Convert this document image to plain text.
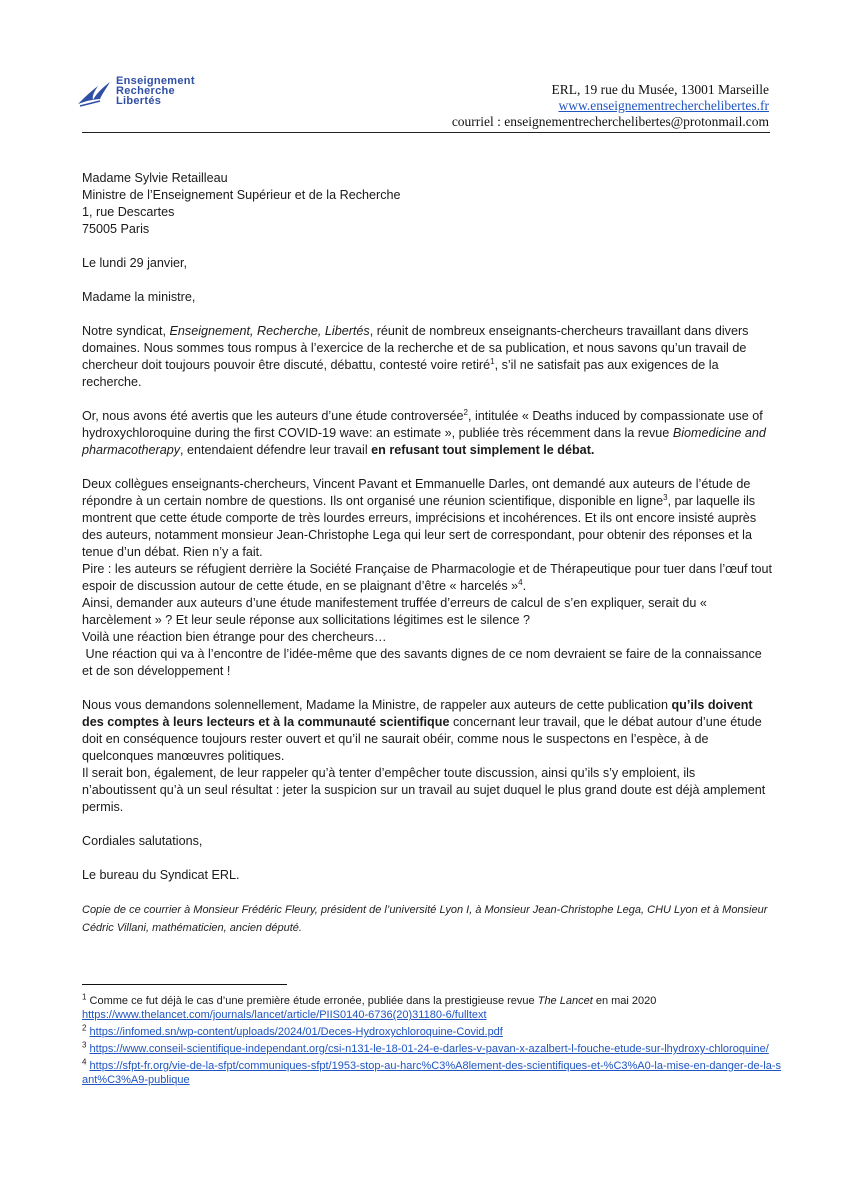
Enseignement
Recherche
Libertés
ERL, 19 rue du Musée, 13001 Marseille
www.enseignementrecherchelibertes.fr
courriel : enseignementrecherchelibertes@protonmail.com

Madame Sylvie Retailleau

Ministre de l’Enseignement Supérieur et de la Recherche

1, rue Descartes

75005 Paris

Le lundi 29 janvier,

Madame la ministre,

Notre syndicat, Enseignement, Recherche, Libertés, réunit de nombreux enseignants-chercheurs travaillant dans divers domaines. Nous sommes tous rompus à l’exercice de la recherche et de sa publication, et nous savons qu’un travail de chercheur doit toujours pouvoir être discuté, débattu, contesté voire retiré$^1$, s’il ne satisfait pas aux exigences de la recherche.

Or, nous avons été avertis que les auteurs d’une étude controversée$^2$, intitulée « Deaths induced by compassionate use of hydroxychloroquine during the first COVID-19 wave: an estimate », publiée très récemment dans la revue Biomedicine and pharmacotherapy, entendaient défendre leur travail en refusant tout simplement le débat.

Deux collègues enseignants-chercheurs, Vincent Pavant et Emmanuelle Darles, ont demandé aux auteurs de l’étude de répondre à un certain nombre de questions. Ils ont organisé une réunion scientifique, disponible en ligne$^3$, par laquelle ils montrent que cette étude comporte de très lourdes erreurs, imprécisions et incohérences. Et ils ont encore insisté auprès des auteurs, notamment monsieur Jean-Christophe Lega qui leur sert de correspondant, pour obtenir des réponses et la tenue d’un débat. Rien n’y a fait.

Pire : les auteurs se réfugient derrière la Société Française de Pharmacologie et de Thérapeutique pour tuer dans l’œuf tout espoir de discussion autour de cette étude, en se plaignant d’être « harcelés »$^4$.

Ainsi, demander aux auteurs d’une étude manifestement truffée d’erreurs de calcul de s’en expliquer, serait du « harcèlement » ? Et leur seule réponse aux sollicitations légitimes est le silence ?

Voilà une réaction bien étrange pour des chercheurs…

Une réaction qui va à l’encontre de l’idée-même que des savants dignes de ce nom devraient se faire de la connaissance et de son développement !

Nous vous demandons solennellement, Madame la Ministre, de rappeler aux auteurs de cette publication qu’ils doivent des comptes à leurs lecteurs et à la communauté scientifique concernant leur travail, que le débat autour d’une étude doit en conséquence toujours rester ouvert et qu’il ne saurait obéir, comme nous le suspectons en l’espèce, à de quelconques manœuvres politiques.

Il serait bon, également, de leur rappeler qu’à tenter d’empêcher toute discussion, ainsi qu’ils s’y emploient, ils n’aboutissent qu’à un seul résultat : jeter la suspicion sur un travail au sujet duquel le plus grand doute est déjà amplement permis.

Cordiales salutations,

Le bureau du Syndicat ERL.

Copie de ce courrier à Monsieur Frédéric Fleury, président de l’université Lyon I, à Monsieur Jean-Christophe Lega, CHU Lyon et à Monsieur Cédric Villani, mathématicien, ancien député.

$^1$ Comme ce fut déjà le cas d’une première étude erronée, publiée dans la prestigieuse revue The Lancet en mai 2020
https://www.thelancet.com/journals/lancet/article/PIIS0140-6736(20)31180-6/fulltext

$^2$ https://infomed.sn/wp-content/uploads/2024/01/Deces-Hydroxychloroquine-Covid.pdf

$^3$ https://www.conseil-scientifique-independant.org/csi-n131-le-18-01-24-e-darles-v-pavan-x-azalbert-l-fouche-etude-sur-lhydroxy-chloroquine/

$^4$ https://sfpt-fr.org/vie-de-la-sfpt/communiques-sfpt/1953-stop-au-harc%C3%A8lement-des-scientifiques-et-%C3%A0-la-mise-en-danger-de-la-sant%C3%A9-publique
